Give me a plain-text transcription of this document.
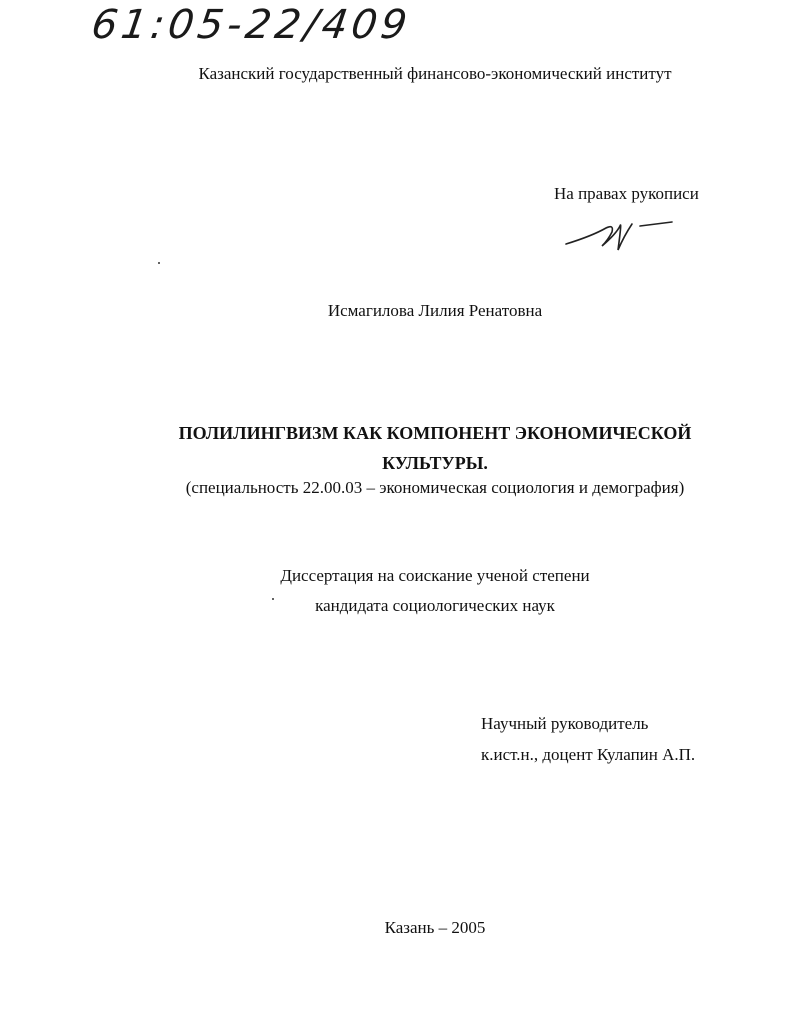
61:05-22/409
Казанский государственный финансово-экономический институт
На правах рукописи
Исмагилова Лилия Ренатовна
ПОЛИЛИНГВИЗМ КАК КОМПОНЕНТ ЭКОНОМИЧЕСКОЙ
КУЛЬТУРЫ.
(специальность 22.00.03 – экономическая социология и демография)
Диссертация на соискание ученой степени
кандидата социологических наук
Научный руководитель
к.ист.н., доцент Кулапин А.П.
Казань – 2005
